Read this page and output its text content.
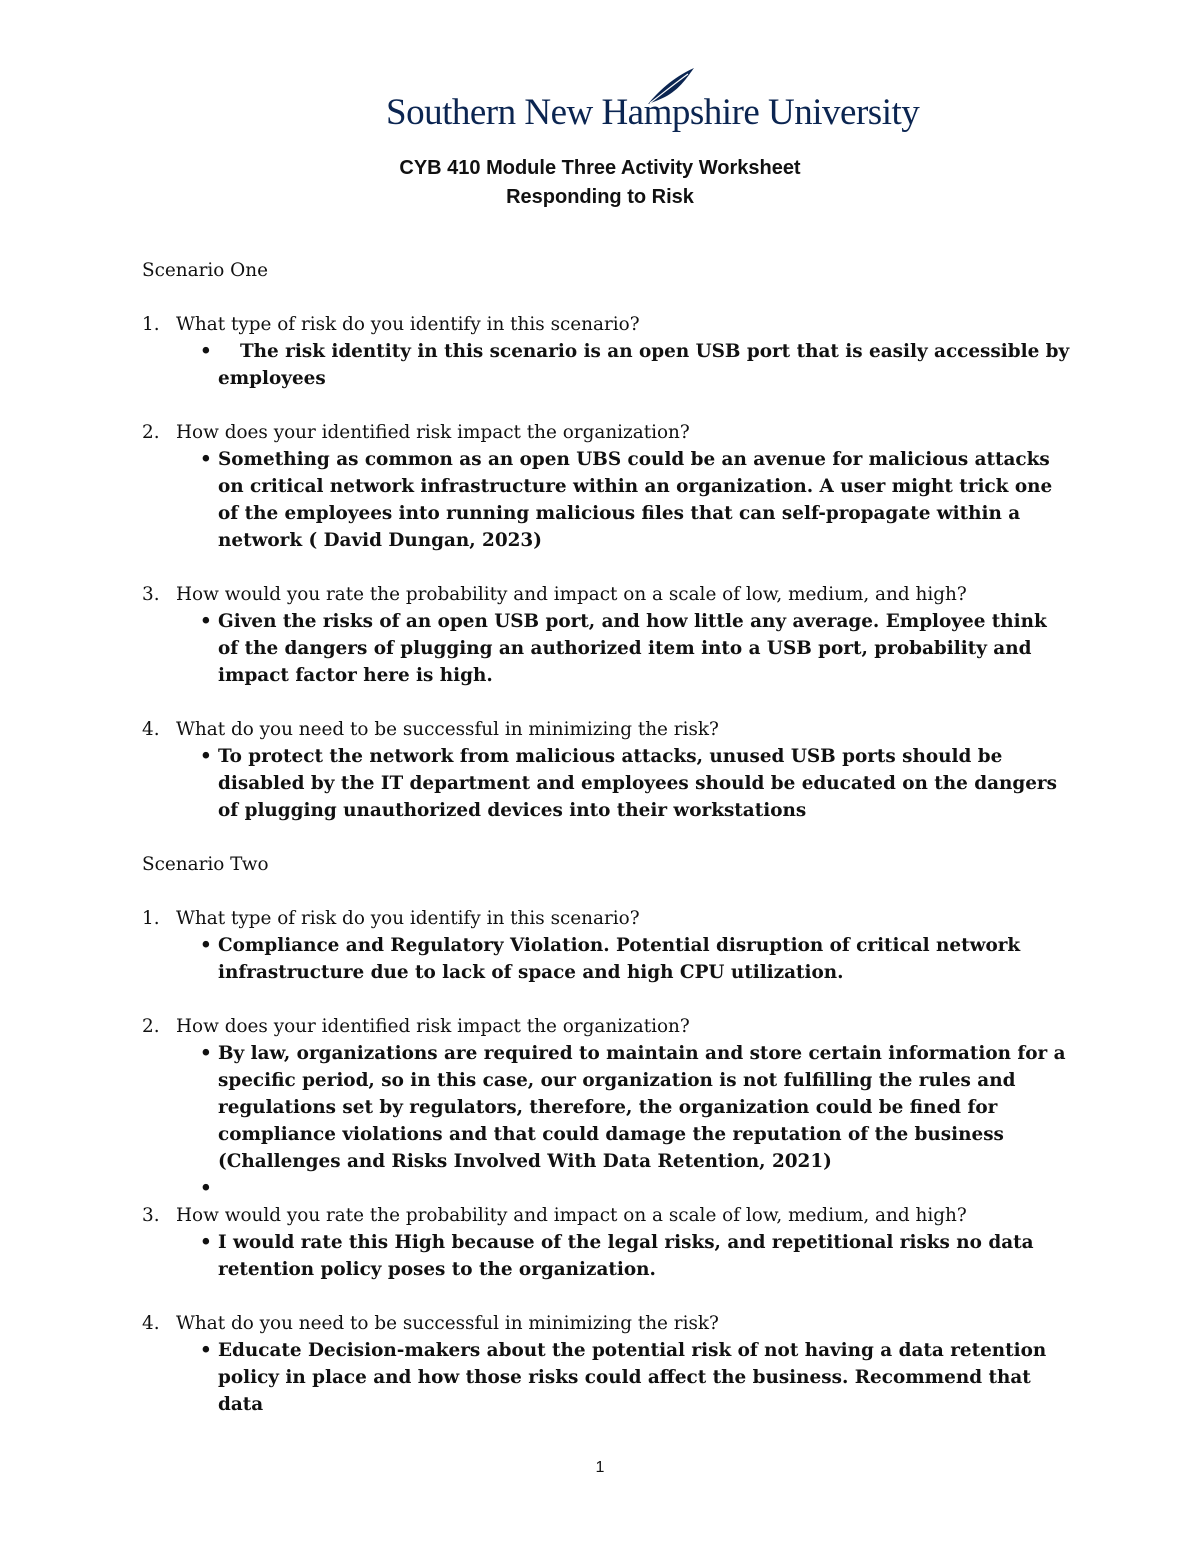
Southern New Hampshire University
CYB 410 Module Three Activity Worksheet
Responding to Risk
Scenario One
1. What type of risk do you identify in this scenario?
•	The risk identity in this scenario is an open USB port that is easily accessible by employees
2. How does your identified risk impact the organization?
• Something as common as an open UBS could be an avenue for malicious attacks on critical network infrastructure within an organization. A user might trick one of the employees into running malicious files that can self-propagate within a network ( David Dungan, 2023)
3. How would you rate the probability and impact on a scale of low, medium, and high?
• Given the risks of an open USB port, and how little any average. Employee think of the dangers of plugging an authorized item into a USB port, probability and impact factor here is high.
4. What do you need to be successful in minimizing the risk?
• To protect the network from malicious attacks, unused USB ports should be disabled by the IT department and employees should be educated on the dangers of plugging unauthorized devices into their workstations
Scenario Two
1. What type of risk do you identify in this scenario?
• Compliance and Regulatory Violation. Potential disruption of critical network infrastructure due to lack of space and high CPU utilization.
2. How does your identified risk impact the organization?
• By law, organizations are required to maintain and store certain information for a specific period, so in this case, our organization is not fulfilling the rules and regulations set by regulators, therefore, the organization could be fined for compliance violations and that could damage the reputation of the business (Challenges and Risks Involved With Data Retention, 2021)
•
3. How would you rate the probability and impact on a scale of low, medium, and high?
• I would rate this High because of the legal risks, and repetitional risks no data retention policy poses to the organization.
4. What do you need to be successful in minimizing the risk?
• Educate Decision-makers about the potential risk of not having a data retention policy in place and how those risks could affect the business. Recommend that data
1
